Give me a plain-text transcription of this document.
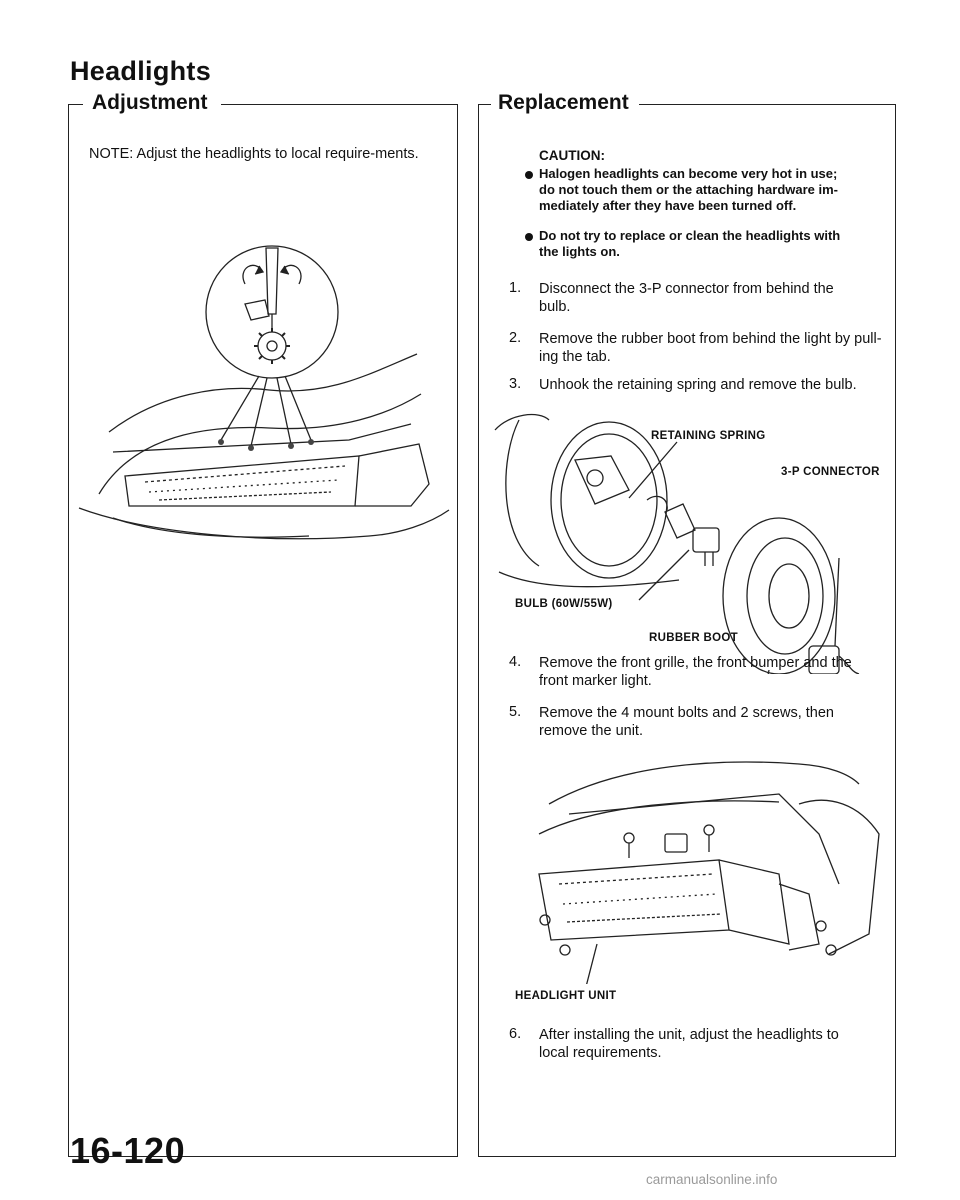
Headlights
Adjustment
NOTE: Adjust the headlights to local require-ments.
Replacement
CAUTION:
Halogen headlights can become very hot in use;
do not touch them or the attaching hardware im-
mediately after they have been turned off.
Do not try to replace or clean the headlights with
the lights on.
1. Disconnect the 3-P connector from behind the
bulb.
2. Remove the rubber boot from behind the light by pull-
ing the tab.
3. Unhook the retaining spring and remove the bulb.
RETAINING SPRING
3-P CONNECTOR
BULB (60W/55W)
RUBBER BOOT
4. Remove the front grille, the front bumper and the
front marker light.
5. Remove the 4 mount bolts and 2 screws, then
remove the unit.
HEADLIGHT UNIT
6. After installing the unit, adjust the headlights to
local requirements.
16-120
carmanualsonline.info
